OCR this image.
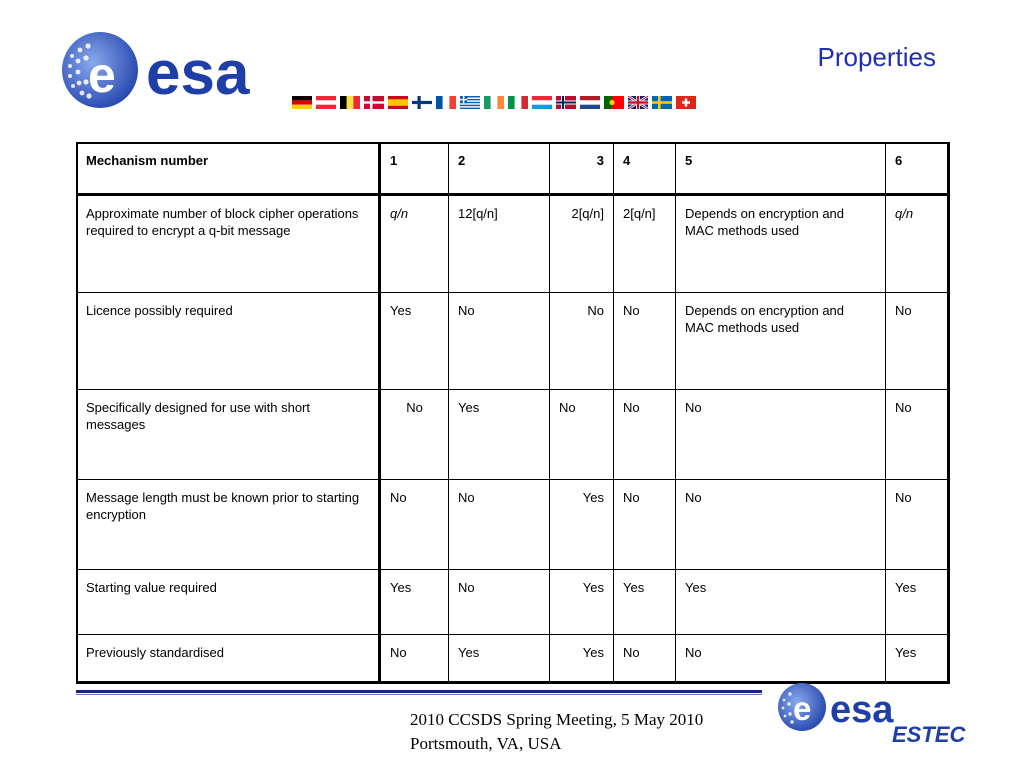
e esa	Properties
Mechanism number	1	2	3	4	5	6
Approximate number of block cipher operations required to encrypt a q-bit message	q/n	12[q/n]	2[q/n]	2[q/n]	Depends on encryption and MAC methods used	q/n
Licence possibly required	Yes	No	No	No	Depends on encryption and MAC methods used	No
Specifically designed for use with short messages	No	Yes	No	No	No	No
Message length must be known prior to starting encryption	No	No	Yes	No	No	No
Starting value required	Yes	No	Yes	Yes	Yes	Yes
Previously standardised	No	Yes	Yes	No	No	Yes
2010 CCSDS Spring Meeting, 5 May 2010
Portsmouth, VA, USA
e esa
ESTEC
